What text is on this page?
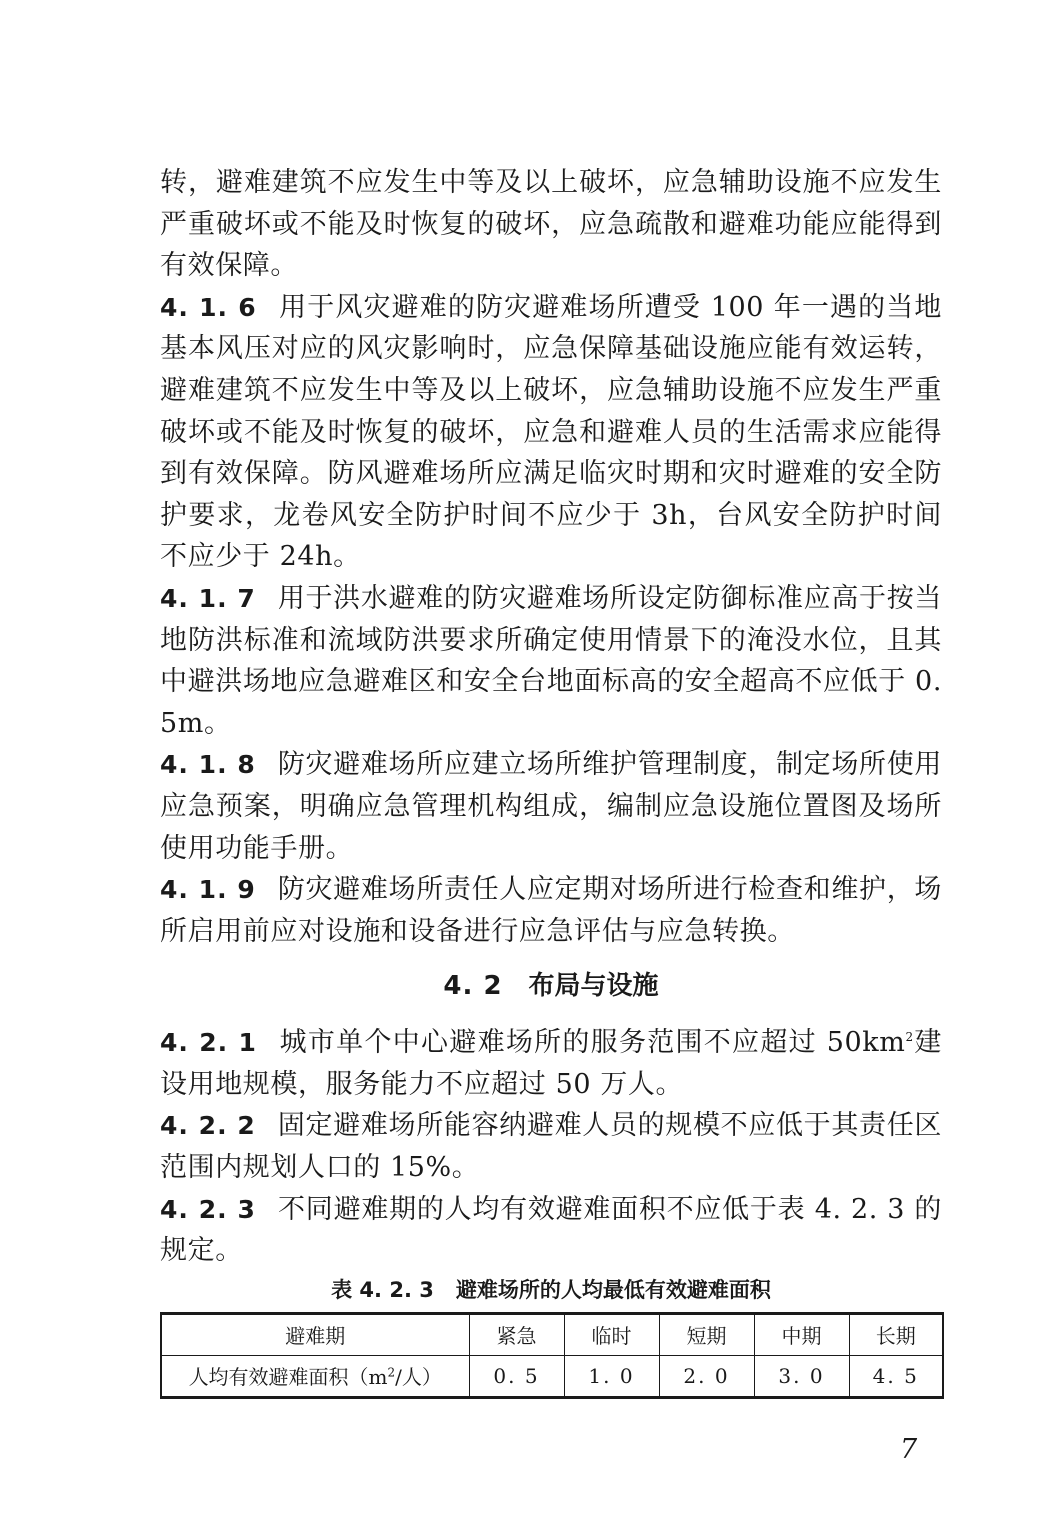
转，避难建筑不应发生中等及以上破坏，应急辅助设施不应发生严重破坏或不能及时恢复的破坏，应急疏散和避难功能应能得到有效保障。

4. 1. 6 用于风灾避难的防灾避难场所遭受 100 年一遇的当地基本风压对应的风灾影响时，应急保障基础设施应能有效运转，避难建筑不应发生中等及以上破坏，应急辅助设施不应发生严重破坏或不能及时恢复的破坏，应急和避难人员的生活需求应能得到有效保障。防风避难场所应满足临灾时期和灾时避难的安全防护要求，龙卷风安全防护时间不应少于 3h，台风安全防护时间不应少于 24h。

4. 1. 7 用于洪水避难的防灾避难场所设定防御标准应高于按当地防洪标准和流域防洪要求所确定使用情景下的淹没水位，且其中避洪场地应急避难区和安全台地面标高的安全超高不应低于 0. 5m。

4. 1. 8 防灾避难场所应建立场所维护管理制度，制定场所使用应急预案，明确应急管理机构组成，编制应急设施位置图及场所使用功能手册。

4. 1. 9 防灾避难场所责任人应定期对场所进行检查和维护，场所启用前应对设施和设备进行应急评估与应急转换。

4. 2 布局与设施

4. 2. 1 城市单个中心避难场所的服务范围不应超过 $50km^2$建设用地规模，服务能力不应超过 50 万人。

4. 2. 2 固定避难场所能容纳避难人员的规模不应低于其责任区范围内规划人口的 15%。

4. 2. 3 不同避难期的人均有效避难面积不应低于表 4. 2. 3 的规定。

表 4. 2. 3 避难场所的人均最低有效避难面积
避难期	紧急	临时	短期	中期	长期
人均有效避难面积（$m^2/$人）	0. 5	1. 0	2. 0	3. 0	4. 5
7
